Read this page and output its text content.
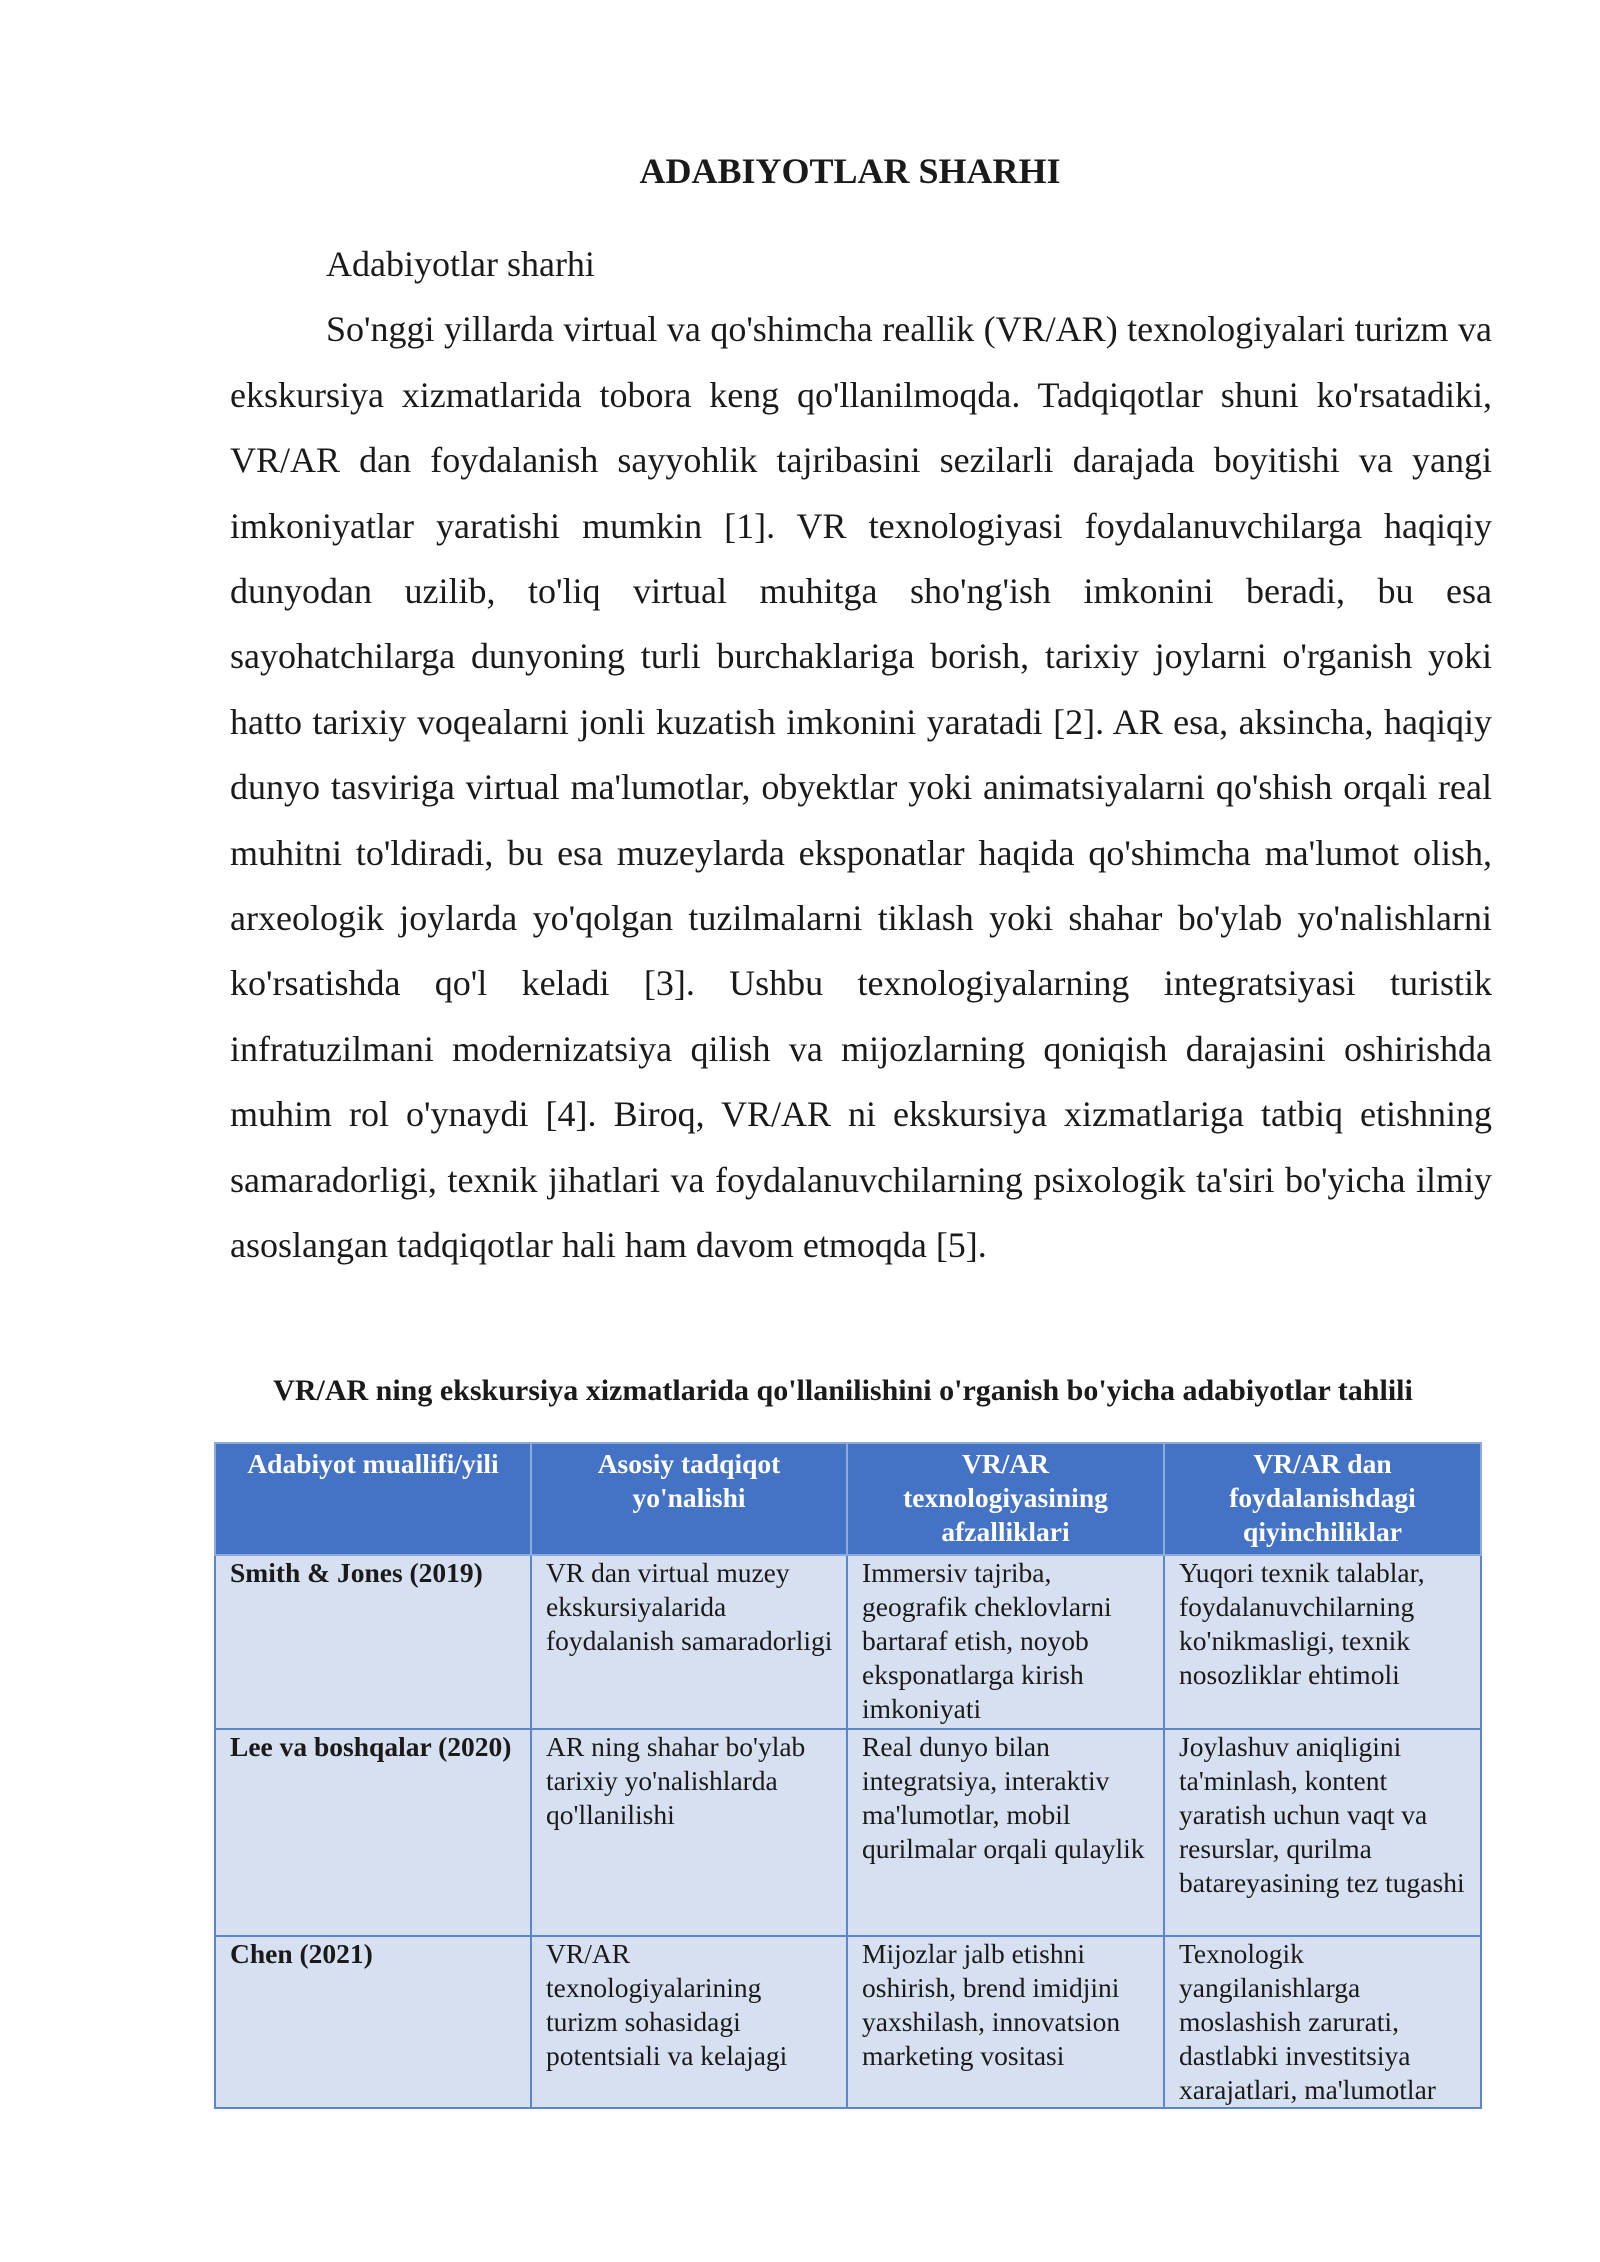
ADABIYOTLAR SHARHI

Adabiyotlar sharhi

So'nggi yillarda virtual va qo'shimcha reallik (VR/AR) texnologiyalari turizm va ekskursiya xizmatlarida tobora keng qo'llanilmoqda. Tadqiqotlar shuni ko'rsatadiki, VR/AR dan foydalanish sayyohlik tajribasini sezilarli darajada boyitishi va yangi imkoniyatlar yaratishi mumkin [1]. VR texnologiyasi foydalanuvchilarga haqiqiy dunyodan uzilib, to'liq virtual muhitga sho'ng'ish imkonini beradi, bu esa sayohatchilarga dunyoning turli burchaklariga borish, tarixiy joylarni o'rganish yoki hatto tarixiy voqealarni jonli kuzatish imkonini yaratadi [2]. AR esa, aksincha, haqiqiy dunyo tasviriga virtual ma'lumotlar, obyektlar yoki animatsiyalarni qo'shish orqali real muhitni to'ldiradi, bu esa muzeylarda eksponatlar haqida qo'shimcha ma'lumot olish, arxeologik joylarda yo'qolgan tuzilmalarni tiklash yoki shahar bo'ylab yo'nalishlarni ko'rsatishda qo'l keladi [3]. Ushbu texnologiyalarning integratsiyasi turistik infratuzilmani modernizatsiya qilish va mijozlarning qoniqish darajasini oshirishda muhim rol o'ynaydi [4]. Biroq, VR/AR ni ekskursiya xizmatlariga tatbiq etishning samaradorligi, texnik jihatlari va foydalanuvchilarning psixologik ta'siri bo'yicha ilmiy asoslangan tadqiqotlar hali ham davom etmoqda [5].

VR/AR ning ekskursiya xizmatlarida qo'llanilishini o'rganish bo'yicha adabiyotlar tahlili
Adabiyot muallifi/yili	Asosiy tadqiqot yo'nalishi	VR/AR texnologiyasining afzalliklari	VR/AR dan foydalanishdagi qiyinchiliklar
Smith & Jones (2019)	VR dan virtual muzey ekskursiyalarida foydalanish samaradorligi	Immersiv tajriba, geografik cheklovlarni bartaraf etish, noyob eksponatlarga kirish imkoniyati	Yuqori texnik talablar, foydalanuvchilarning ko'nikmasligi, texnik nosozliklar ehtimoli
Lee va boshqalar (2020)	AR ning shahar bo'ylab tarixiy yo'nalishlarda qo'llanilishi	Real dunyo bilan integratsiya, interaktiv ma'lumotlar, mobil qurilmalar orqali qulaylik	Joylashuv aniqligini ta'minlash, kontent yaratish uchun vaqt va resurslar, qurilma batareyasining tez tugashi
Chen (2021)	VR/AR texnologiyalarining turizm sohasidagi potentsiali va kelajagi	Mijozlar jalb etishni oshirish, brend imidjini yaxshilash, innovatsion marketing vositasi	Texnologik yangilanishlarga moslashish zarurati, dastlabki investitsiya xarajatlari, ma'lumotlar
